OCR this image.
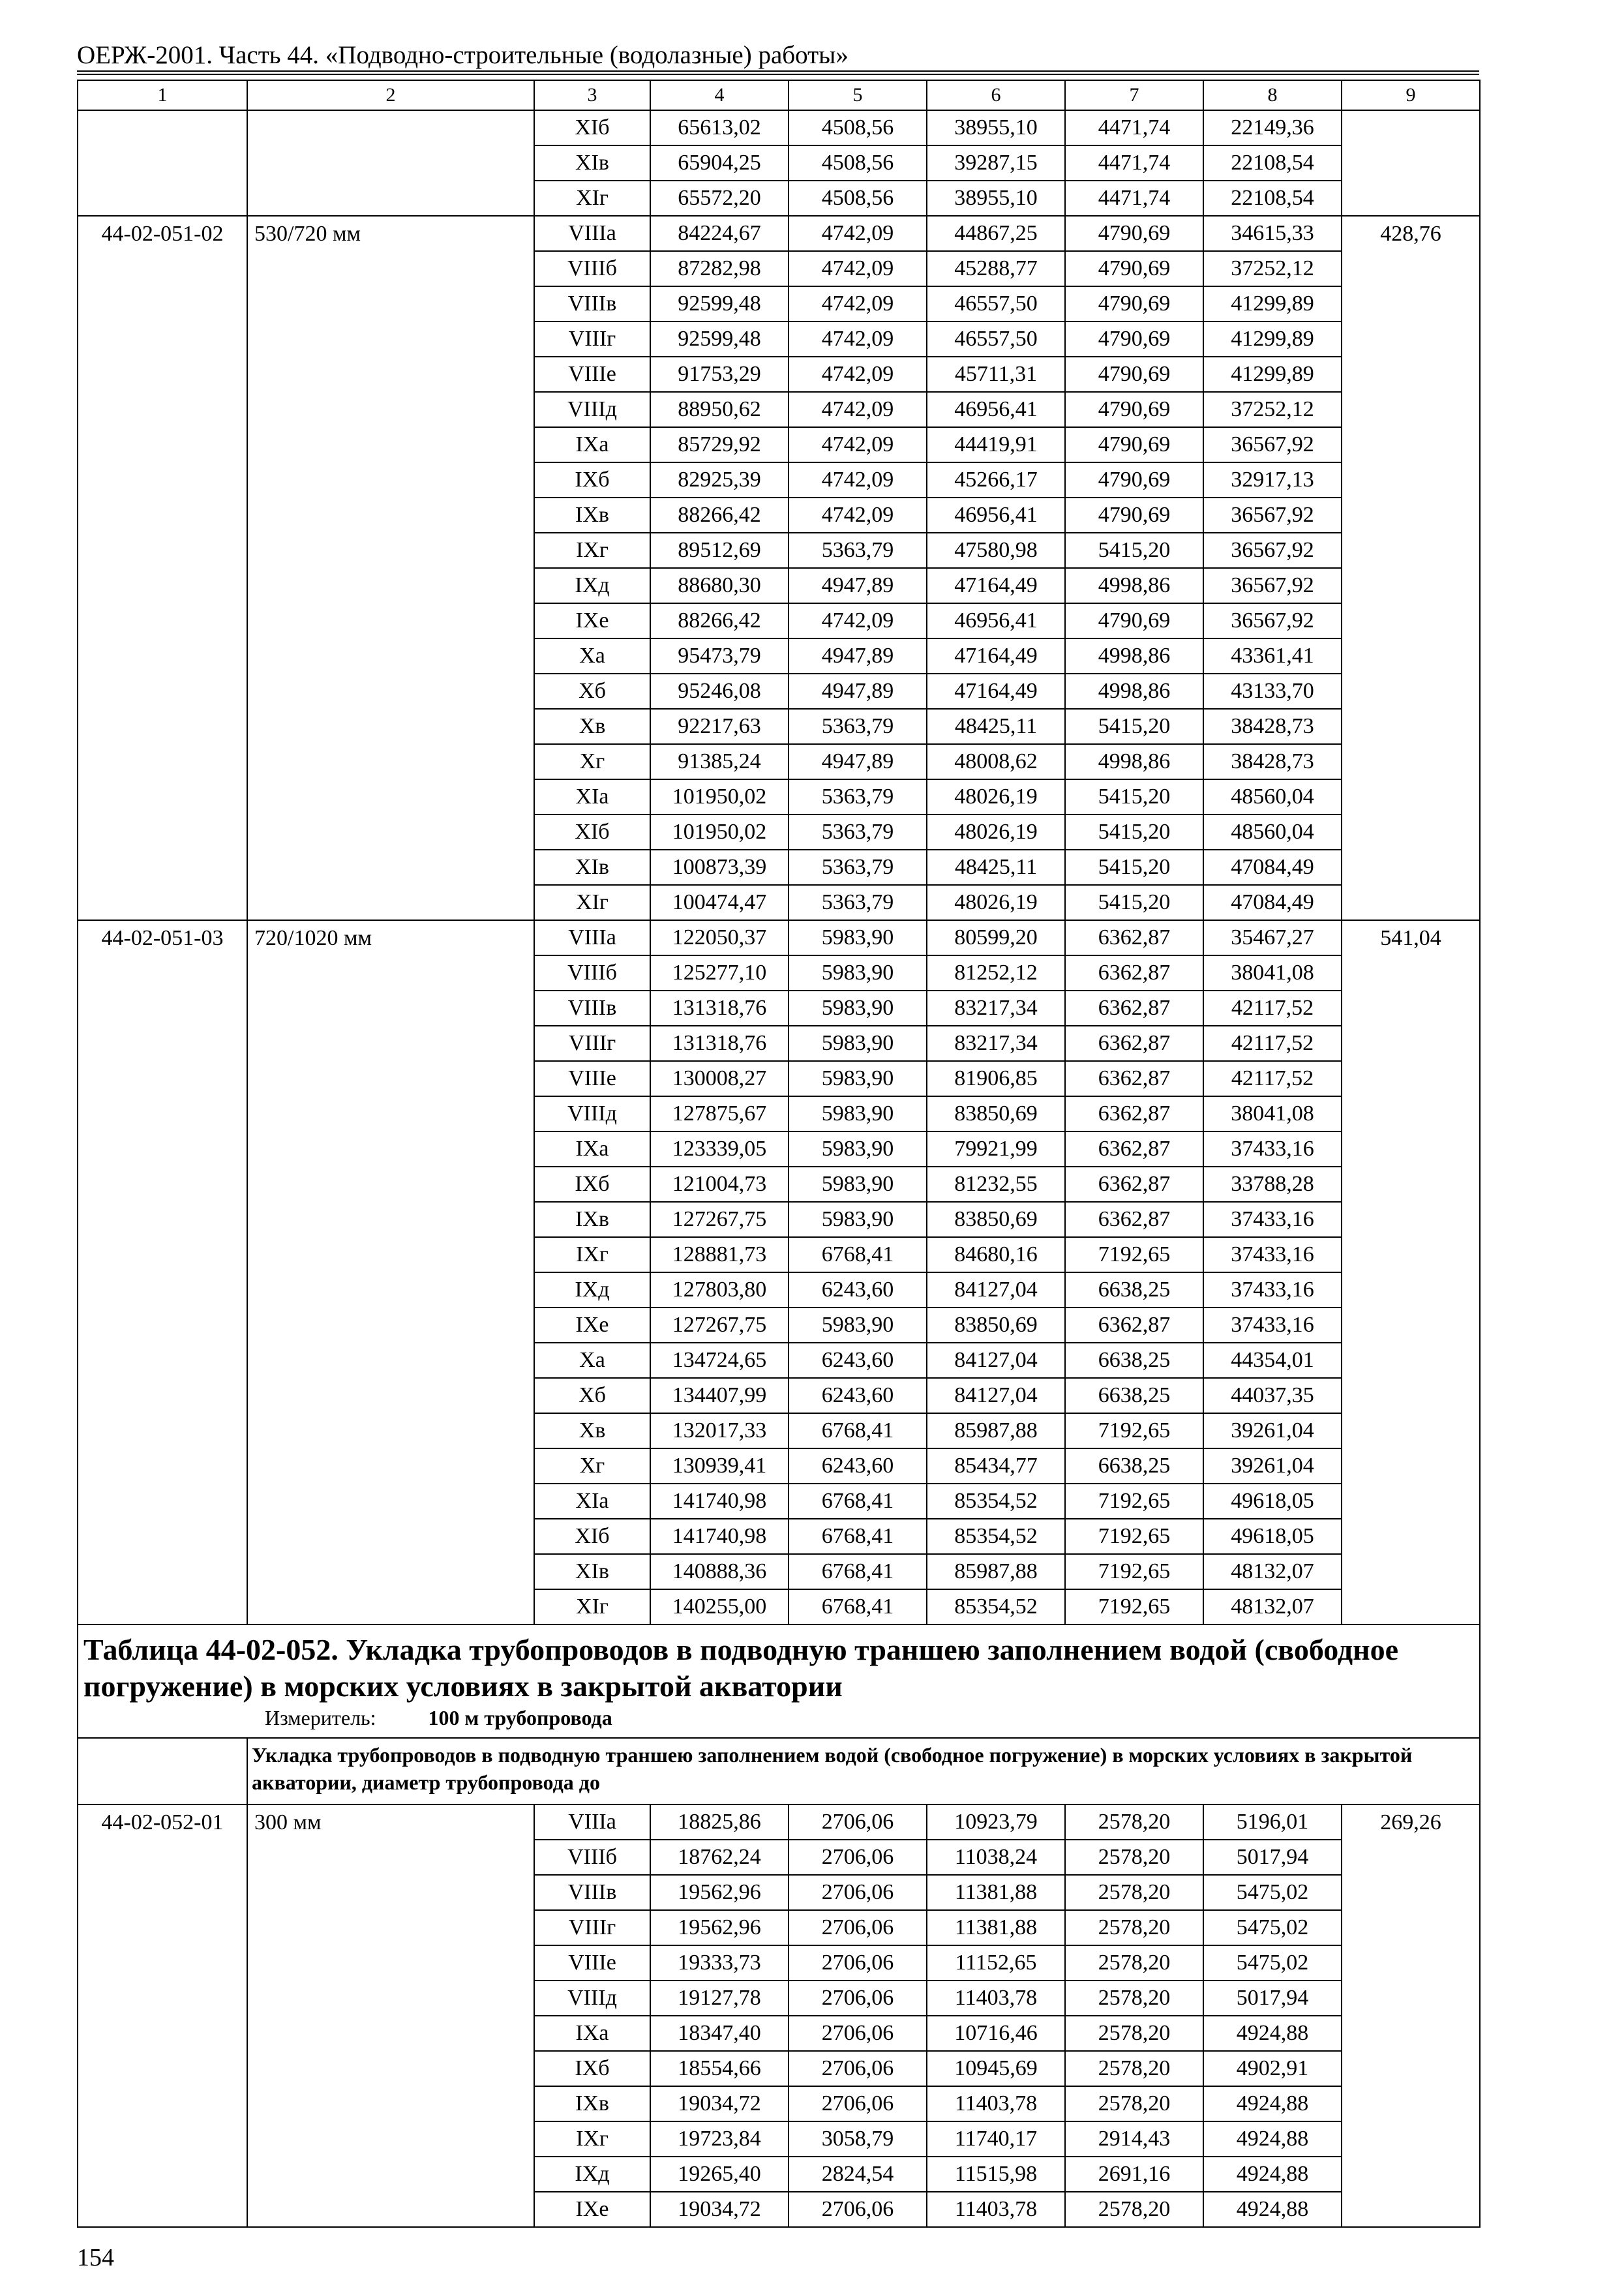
ОЕРЖ-2001. Часть 44. «Подводно-строительные (водолазные) работы»
1	2	3	4	5	6	7	8	9
		XIб	65613,02	4508,56	38955,10	4471,74	22149,36	
		XIв	65904,25	4508,56	39287,15	4471,74	22108,54	
		XIг	65572,20	4508,56	38955,10	4471,74	22108,54	
44-02-051-02	530/720 мм	VIIIа	84224,67	4742,09	44867,25	4790,69	34615,33	428,76
		VIIIб	87282,98	4742,09	45288,77	4790,69	37252,12	
		VIIIв	92599,48	4742,09	46557,50	4790,69	41299,89	
		VIIIг	92599,48	4742,09	46557,50	4790,69	41299,89	
		VIIIе	91753,29	4742,09	45711,31	4790,69	41299,89	
		VIIIд	88950,62	4742,09	46956,41	4790,69	37252,12	
		IXа	85729,92	4742,09	44419,91	4790,69	36567,92	
		IXб	82925,39	4742,09	45266,17	4790,69	32917,13	
		IXв	88266,42	4742,09	46956,41	4790,69	36567,92	
		IXг	89512,69	5363,79	47580,98	5415,20	36567,92	
		IXд	88680,30	4947,89	47164,49	4998,86	36567,92	
		IXе	88266,42	4742,09	46956,41	4790,69	36567,92	
		Xа	95473,79	4947,89	47164,49	4998,86	43361,41	
		Xб	95246,08	4947,89	47164,49	4998,86	43133,70	
		Xв	92217,63	5363,79	48425,11	5415,20	38428,73	
		Xг	91385,24	4947,89	48008,62	4998,86	38428,73	
		XIа	101950,02	5363,79	48026,19	5415,20	48560,04	
		XIб	101950,02	5363,79	48026,19	5415,20	48560,04	
		XIв	100873,39	5363,79	48425,11	5415,20	47084,49	
		XIг	100474,47	5363,79	48026,19	5415,20	47084,49	
44-02-051-03	720/1020 мм	VIIIа	122050,37	5983,90	80599,20	6362,87	35467,27	541,04
		VIIIб	125277,10	5983,90	81252,12	6362,87	38041,08	
		VIIIв	131318,76	5983,90	83217,34	6362,87	42117,52	
		VIIIг	131318,76	5983,90	83217,34	6362,87	42117,52	
		VIIIе	130008,27	5983,90	81906,85	6362,87	42117,52	
		VIIIд	127875,67	5983,90	83850,69	6362,87	38041,08	
		IXа	123339,05	5983,90	79921,99	6362,87	37433,16	
		IXб	121004,73	5983,90	81232,55	6362,87	33788,28	
		IXв	127267,75	5983,90	83850,69	6362,87	37433,16	
		IXг	128881,73	6768,41	84680,16	7192,65	37433,16	
		IXд	127803,80	6243,60	84127,04	6638,25	37433,16	
		IXе	127267,75	5983,90	83850,69	6362,87	37433,16	
		Xа	134724,65	6243,60	84127,04	6638,25	44354,01	
		Xб	134407,99	6243,60	84127,04	6638,25	44037,35	
		Xв	132017,33	6768,41	85987,88	7192,65	39261,04	
		Xг	130939,41	6243,60	85434,77	6638,25	39261,04	
		XIа	141740,98	6768,41	85354,52	7192,65	49618,05	
		XIб	141740,98	6768,41	85354,52	7192,65	49618,05	
		XIв	140888,36	6768,41	85987,88	7192,65	48132,07	
		XIг	140255,00	6768,41	85354,52	7192,65	48132,07	

Таблица 44-02-052. Укладка трубопроводов в подводную траншею заполнением водой (свободное погружение) в морских условиях в закрытой акватории
Измеритель: 100 м трубопровода								

	Укладка трубопроводов в подводную траншею заполнением водой (свободное погружение) в морских условиях в закрытой акватории, диаметр трубопровода до							

44-02-052-01	300 мм	VIIIа	18825,86	2706,06	10923,79	2578,20	5196,01	269,26
		VIIIб	18762,24	2706,06	11038,24	2578,20	5017,94	
		VIIIв	19562,96	2706,06	11381,88	2578,20	5475,02	
		VIIIг	19562,96	2706,06	11381,88	2578,20	5475,02	
		VIIIе	19333,73	2706,06	11152,65	2578,20	5475,02	
		VIIIд	19127,78	2706,06	11403,78	2578,20	5017,94	
		IXа	18347,40	2706,06	10716,46	2578,20	4924,88	
		IXб	18554,66	2706,06	10945,69	2578,20	4902,91	
		IXв	19034,72	2706,06	11403,78	2578,20	4924,88	
		IXг	19723,84	3058,79	11740,17	2914,43	4924,88	
		IXд	19265,40	2824,54	11515,98	2691,16	4924,88	
		IXе	19034,72	2706,06	11403,78	2578,20	4924,88	
154
